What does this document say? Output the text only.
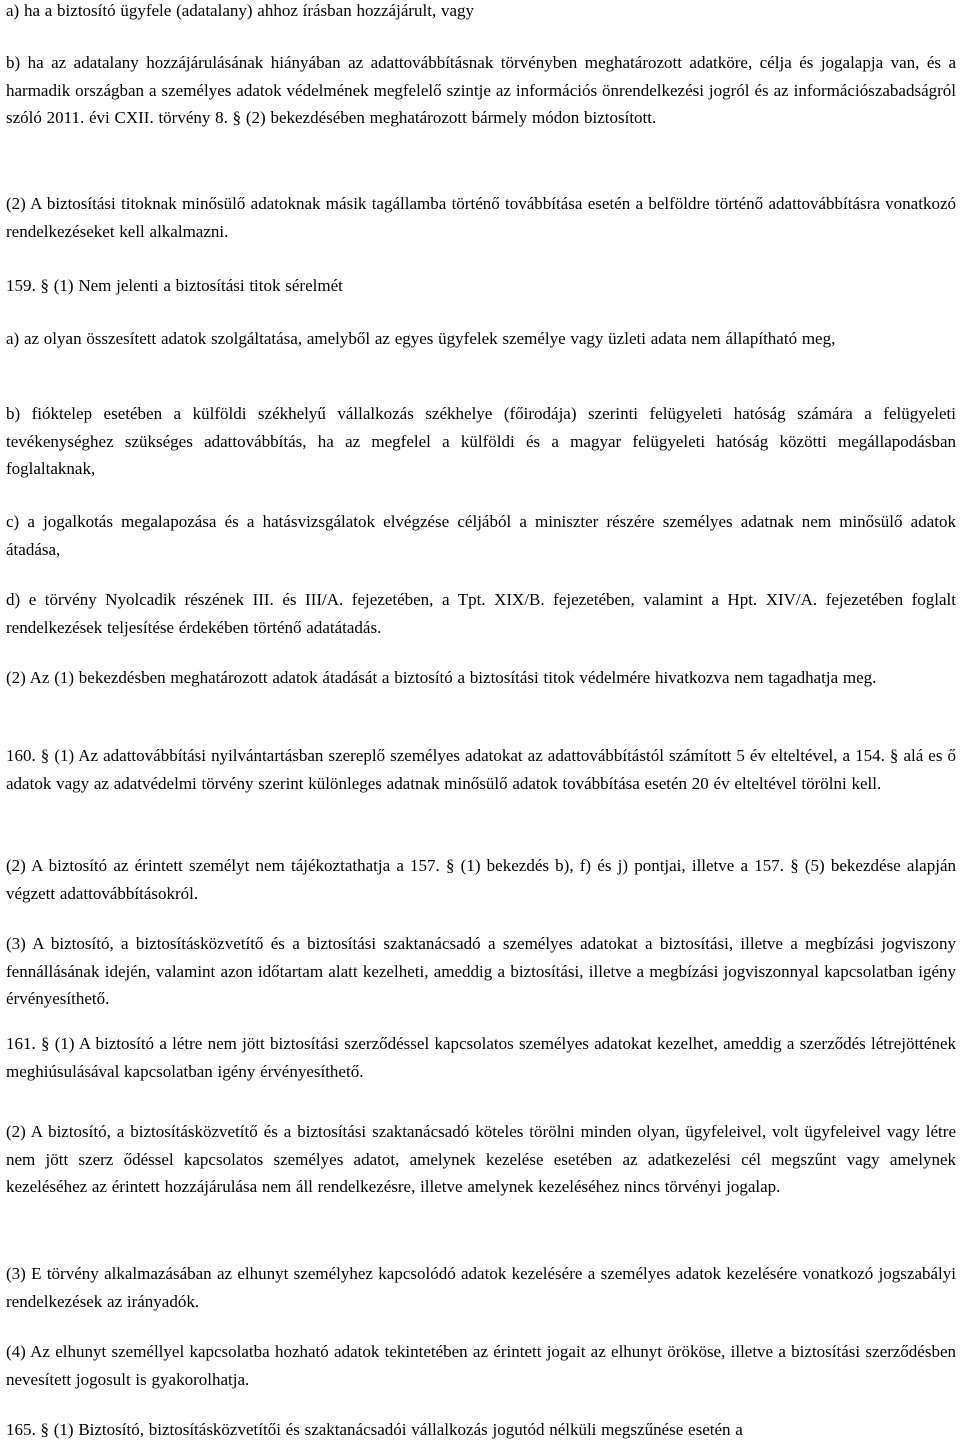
a) ha a biztosító ügyfele (adatalany) ahhoz írásban hozzájárult, vagy

b) ha az adatalany hozzájárulásának hiányában az adattovábbításnak törvényben meghatározott adatköre, célja és jogalapja van, és a harmadik országban a személyes adatok védelmének megfelelő szintje az információs önrendelkezési jogról és az információszabadságról szóló 2011. évi CXII. törvény 8. § (2) bekezdésében meghatározott bármely módon biztosított.

(2) A biztosítási titoknak minősülő adatoknak másik tagállamba történő továbbítása esetén a belföldre történő adattovábbításra vonatkozó rendelkezéseket kell alkalmazni.

159. § (1) Nem jelenti a biztosítási titok sérelmét

a) az olyan összesített adatok szolgáltatása, amelyből az egyes ügyfelek személye vagy üzleti adata nem állapítható meg,

b) fióktelep esetében a külföldi székhelyű vállalkozás székhelye (főirodája) szerinti felügyeleti hatóság számára a felügyeleti tevékenységhez szükséges adattovábbítás, ha az megfelel a külföldi és a magyar felügyeleti hatóság közötti megállapodásban foglaltaknak,

c) a jogalkotás megalapozása és a hatásvizsgálatok elvégzése céljából a miniszter részére személyes adatnak nem minősülő adatok átadása,

d) e törvény Nyolcadik részének III. és III/A. fejezetében, a Tpt. XIX/B. fejezetében, valamint a Hpt. XIV/A. fejezetében foglalt rendelkezések teljesítése érdekében történő adatátadás.

(2) Az (1) bekezdésben meghatározott adatok átadását a biztosító a biztosítási titok védelmére hivatkozva nem tagadhatja meg.

160. § (1) Az adattovábbítási nyilvántartásban szereplő személyes adatokat az adattovábbítástól számított 5 év elteltével, a 154. § alá es ő adatok vagy az adatvédelmi törvény szerint különleges adatnak minősülő adatok továbbítása esetén 20 év elteltével törölni kell.

(2) A biztosító az érintett személyt nem tájékoztathatja a 157. § (1) bekezdés b), f) és j) pontjai, illetve a 157. § (5) bekezdése alapján végzett adattovábbításokról.

(3) A biztosító, a biztosításközvetítő és a biztosítási szaktanácsadó a személyes adatokat a biztosítási, illetve a megbízási jogviszony fennállásának idején, valamint azon időtartam alatt kezelheti, ameddig a biztosítási, illetve a megbízási jogviszonnyal kapcsolatban igény érvényesíthető.

161. § (1) A biztosító a létre nem jött biztosítási szerződéssel kapcsolatos személyes adatokat kezelhet, ameddig a szerződés létrejöttének meghiúsulásával kapcsolatban igény érvényesíthető.

(2) A biztosító, a biztosításközvetítő és a biztosítási szaktanácsadó köteles törölni minden olyan, ügyfeleivel, volt ügyfeleivel vagy létre nem jött szerz ődéssel kapcsolatos személyes adatot, amelynek kezelése esetében az adatkezelési cél megszűnt vagy amelynek kezeléséhez az érintett hozzájárulása nem áll rendelkezésre, illetve amelynek kezeléséhez nincs törvényi jogalap.

(3) E törvény alkalmazásában az elhunyt személyhez kapcsolódó adatok kezelésére a személyes adatok kezelésére vonatkozó jogszabályi rendelkezések az irányadók.

(4) Az elhunyt személlyel kapcsolatba hozható adatok tekintetében az érintett jogait az elhunyt örököse, illetve a biztosítási szerződésben nevesített jogosult is gyakorolhatja.

165. § (1) Biztosító, biztosításközvetítői és szaktanácsadói vállalkozás jogutód nélküli megszűnése esetén a
